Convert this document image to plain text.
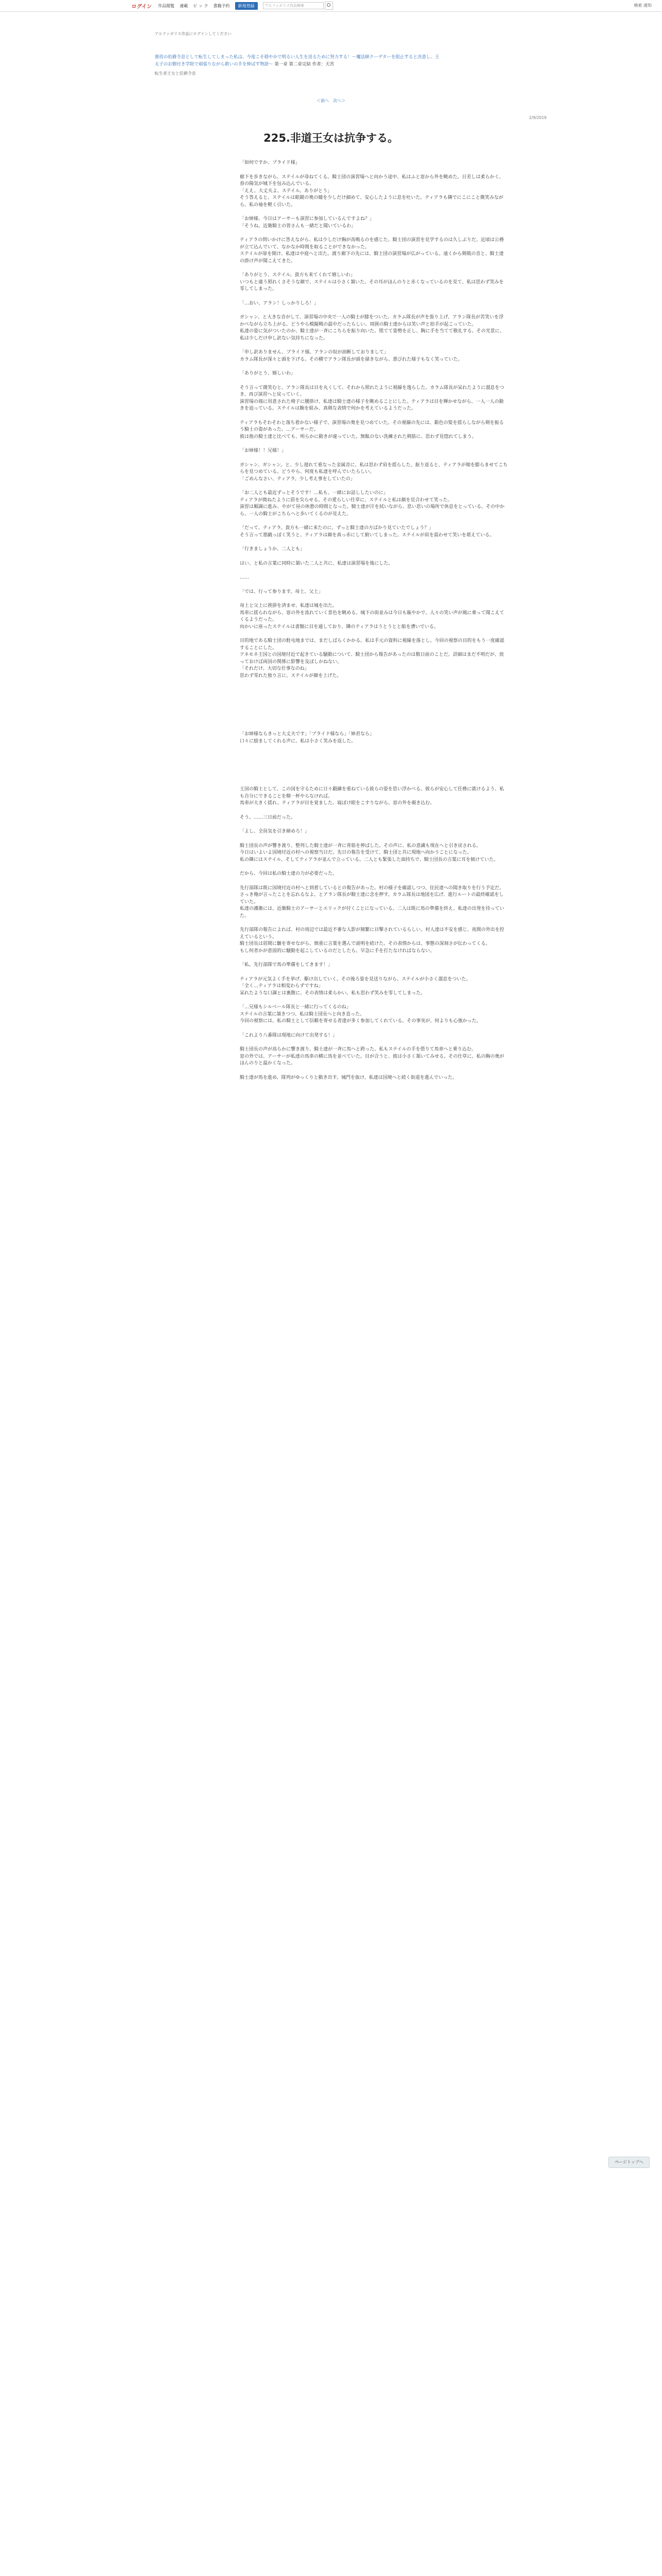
ログイン 作品閲覧 連載 ピ ッ ク 書籍予約	新規登録	アルファポリス作品検索	検索 通知
アルファポリス作品にログインしてください
悪役の伯爵令息として転生してしまった私は、今度こそ穏やかで明るい人生を送るために努力する！〜魔法師クーデターを阻止すると決意し、王太子のお側付き学院で頑張りながら救いの手を伸ばす物語〜 第一章 第二章完結 作者：天宮
転生者王女と伯爵令息
＜前へ　次へ＞
2/9/2019
225.非道王女は抗争する。

「如何ですか、プライド様」

廊下を歩きながら、ステイルが尋ねてくる。騎士団の演習場へと向かう途中、私はふと窓から外を眺めた。日差しは柔らかく、春の陽気が城下を包み込んでいる。
「ええ。大丈夫よ、ステイル。ありがとう」
そう答えると、ステイルは眼鏡の奥の瞳を少しだけ細めて、安心したように息を吐いた。ティアラも隣でにこにこと微笑みながら、私の袖を軽く引いた。

「お姉様、今日はアーサーも演習に参加しているんですよね？」
「そうね。近衛騎士の皆さんも一緒だと聞いているわ」

ティアラの問いかけに答えながら、私は少しだけ胸が高鳴るのを感じた。騎士団の演習を見学するのは久しぶりだ。近頃は公務が立て込んでいて、なかなか時間を取ることができなかった。
ステイルが扉を開け、私達は中庭へと出た。渡り廊下の先には、騎士団の演習場が広がっている。遠くから剣戟の音と、騎士達の掛け声が聞こえてきた。

「ありがとう、ステイル。貴方も来てくれて嬉しいわ」
いつもと違う照れくさそうな顔で、ステイルは小さく頷いた。その耳がほんのりと赤くなっているのを見て、私は思わず笑みを零してしまった。

「…おい、アラン！しっかりしろ！」

ガシャン、と大きな音がして、演習場の中央で一人の騎士が膝をついた。カラム隊長が声を張り上げ、アラン隊長が苦笑いを浮かべながら立ち上がる。どうやら模擬戦の最中だったらしい。周囲の騎士達からは笑い声と拍手が起こっていた。
私達の姿に気がついたのか、騎士達が一斉にこちらを振り向いた。慌てて姿勢を正し、胸に手を当てて敬礼する。その光景に、私は少しだけ申し訳ない気持ちになった。

「申し訳ありません、プライド様。アランの奴が油断しておりまして」
カラム隊長が深々と頭を下げる。その横でアラン隊長が頭を掻きながら、悪びれた様子もなく笑っていた。

「ありがとう、嬉しいわ」

そう言って微笑むと、アラン隊長は目を丸くして、それから照れたように視線を逸らした。カラム隊長が呆れたように溜息をつき、再び演習へと戻っていく。
演習場の端に用意された椅子に腰掛け、私達は騎士達の様子を眺めることにした。ティアラは目を輝かせながら、一人一人の動きを追っている。ステイルは腕を組み、真剣な表情で何かを考えているようだった。

ティアラもそわそわと落ち着かない様子で、演習場の奥を見つめていた。その視線の先には、銀色の髪を揺らしながら剣を振るう騎士の姿があった。…アーサーだ。
彼は他の騎士達と比べても、明らかに動きが違っていた。無駄のない洗練された剣筋に、思わず見惚れてしまう。

「お姉様！！兄様！」

ガシャン、ガシャン。と、少し遅れて重なった金属音に、私は思わず肩を揺らした。振り返ると、ティアラが頬を膨らませてこちらを見つめている。どうやら、何度も私達を呼んでいたらしい。
「ごめんなさい、ティアラ。少し考え事をしていたの」

「お二人とも最近ずっとそうです！…私も、一緒にお話ししたいのに」
ティアラが拗ねたように唇を尖らせる。その愛らしい仕草に、ステイルと私は顔を見合わせて笑った。
演習は順調に進み、やがて昼の休憩の時間となった。騎士達が汗を拭いながら、思い思いの場所で休息をとっている。その中から、一人の騎士がこちらへと歩いてくるのが見えた。

「だって、ティアラ。貴方も一緒に来たのに、ずっと騎士達の方ばかり見ていたでしょう？」
そう言って悪戯っぽく笑うと、ティアラは顔を真っ赤にして俯いてしまった。ステイルが肩を震わせて笑いを堪えている。

「行きましょうか、二人とも」

はい、と私の言葉に同時に頷いた二人と共に、私達は演習場を後にした。

……

「では、行って参ります。母上、父上」

母上と父上に挨拶を済ませ、私達は城を出た。
馬車に揺られながら、窓の外を流れていく景色を眺める。城下の街並みは今日も賑やかで、人々の笑い声が風に乗って聞こえてくるようだった。
向かいに座ったステイルは書類に目を通しており、隣のティアラはうとうとと船を漕いでいる。

目的地である騎士団の駐屯地までは、まだしばらくかかる。私は手元の資料に視線を落とし、今回の視察の目的をもう一度確認することにした。
アネモネ王国との国境付近で起きている騒動について、騎士団から報告があったのは数日前のことだ。詳細はまだ不明だが、放っておけば両国の関係に影響を及ぼしかねない。
「それだけ、大切な仕事なのね」
思わず零れた独り言に、ステイルが顔を上げた。

「お姉様ならきっと大丈夫です」「プライド様なら」「姉君なら」
口々に励ましてくれる声に、私は小さく笑みを返した。

王国の騎士として、この国を守るために日々鍛錬を重ねている彼らの姿を思い浮かべる。彼らが安心して任務に就けるよう、私も自分にできることを精一杯やらなければ。
馬車が大きく揺れ、ティアラが目を覚ました。寝ぼけ眼をこすりながら、窓の外を覗き込む。

そう。……三日前だった。

「よし、全員気を引き締めろ！」

騎士団長の声が響き渡り、整列した騎士達が一斉に背筋を伸ばした。その声に、私の意識も現在へと引き戻される。
今日はいよいよ国境付近の村への視察当日だ。先日の報告を受けて、騎士団と共に現地へ向かうことになった。
私の隣にはステイル、そしてティアラが並んで立っている。二人とも緊張した面持ちで、騎士団長の言葉に耳を傾けていた。

だから、今回は私の騎士達の力が必要だった。

先行部隊は既に国境付近の村へと到着しているとの報告があった。村の様子を確認しつつ、住民達への聞き取りを行う予定だ。
さっき俺が言ったことを忘れるなよ、とアラン隊長が騎士達に念を押す。カラム隊長は地図を広げ、進行ルートの最終確認をしていた。
私達の護衛には、近衛騎士のアーサーとエリックが付くことになっている。二人は既に馬の準備を終え、私達の出発を待っていた。

先行部隊の報告によれば、村の周辺では最近不審な人影が頻繁に目撃されているらしい。村人達は不安を感じ、夜間の外出を控えているという。
騎士団長は眉間に皺を寄せながら、慎重に言葉を選んで説明を続けた。その表情からは、事態の深刻さが伝わってくる。
もし何者かが意図的に騒動を起こしているのだとしたら、早急に手を打たなければならない。

「私、先行部隊で馬の準備をしてきます！」

ティアラが元気よく手を挙げ、駆け出していく。その後ろ姿を見送りながら、ステイルが小さく溜息をついた。
「全く…ティアラは相変わらずですね」
呆れたような口調とは裏腹に、その表情は柔らかい。私も思わず笑みを零してしまった。

「…兄様もシルベール隊長と一緒に行ってくるのね」
ステイルの言葉に頷きつつ、私は騎士団長へと向き直った。
今回の視察には、私の騎士として信頼を寄せる者達が多く参加してくれている。その事実が、何よりも心強かった。

「これより八番隊は現地に向けて出発する！」

騎士団長の声が高らかに響き渡り、騎士達が一斉に馬へと跨った。私もステイルの手を借りて馬車へと乗り込む。
窓の外では、アーサーが私達の馬車の横に馬を並べていた。目が合うと、彼は小さく頷いてみせる。その仕草に、私の胸の奥がほんのりと温かくなった。

騎士達が馬を進め、隊列がゆっくりと動き出す。城門を抜け、私達は国境へと続く街道を進んでいった。

ページトップへ
